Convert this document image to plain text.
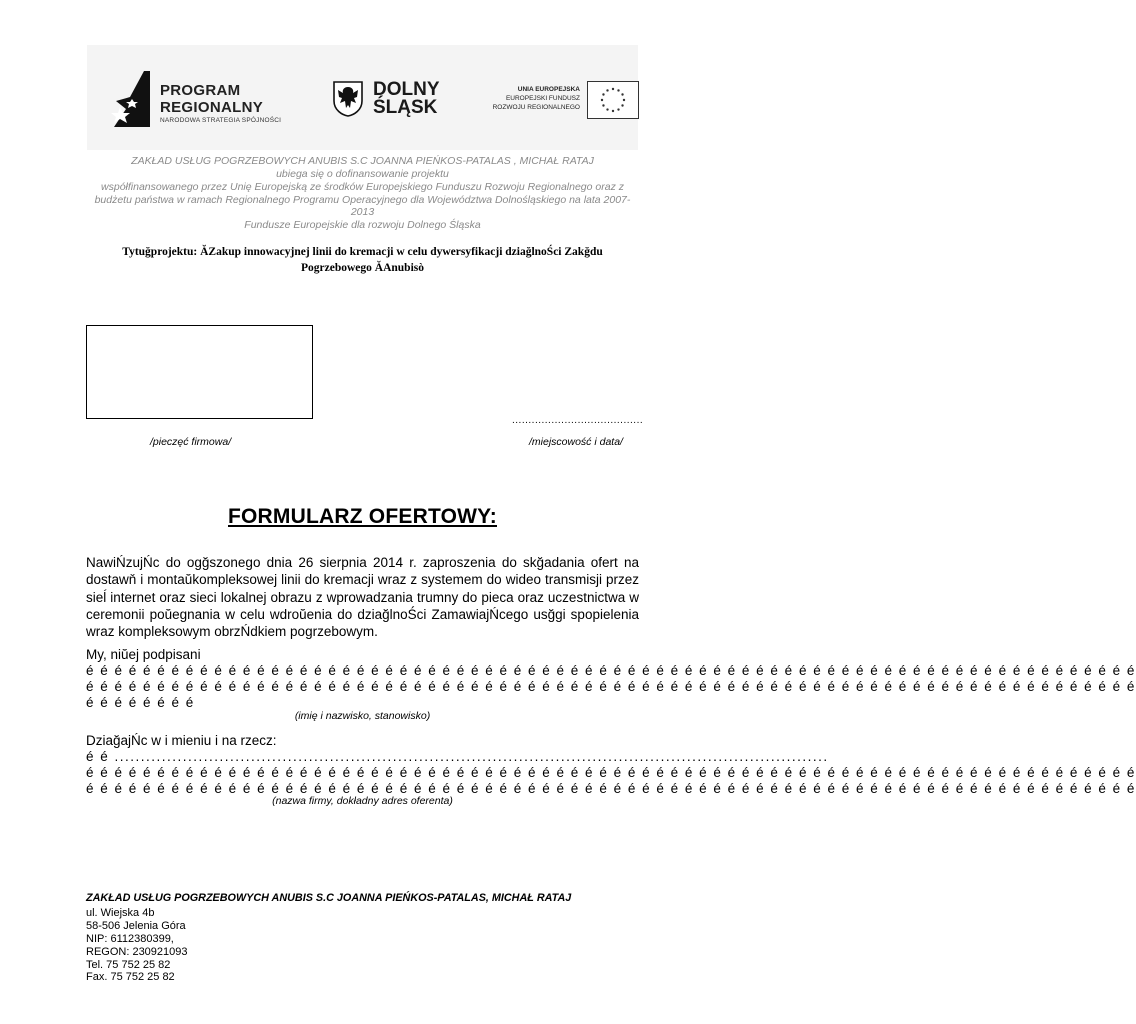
PROGRAM
REGIONALNY
NARODOWA STRATEGIA SPÓJNOŚCI
DOLNY
ŚLĄSK
UNIA EUROPEJSKA
EUROPEJSKI FUNDUSZ
ROZWOJU REGIONALNEGO
ZAKŁAD USŁUG POGRZEBOWYCH ANUBIS S.C JOANNA PIEŃKOS-PATALAS , MICHAŁ RATAJ
ubiega się o dofinansowanie projektu
współfinansowanego przez Unię Europejską ze środków Europejskiego Funduszu Rozwoju Regionalnego oraz z
budżetu państwa w ramach Regionalnego Programu Operacyjnego dla Województwa Dolnośląskiego na lata 2007-
2013
Fundusze Europejskie dla rozwoju Dolnego Śląska
Tytuğprojektu: ĂZakup innowacyjnej linii do kremacji w celu dywersyfikacji dziağlnoŚci Zakğdu
Pogrzebowego ĂAnubisò
........................................
/pieczęć firmowa/	/miejscowość i data/
FORMULARZ OFERTOWY:
NawiŃzujŃc do ogğszonego dnia 26 sierpnia 2014 r. zaproszenia do skğadania ofert na dostawň i montaŭkompleksowej linii do kremacji wraz z systemem do wideo transmisji przez sieĺ internet oraz sieci lokalnej obrazu z wprowadzania trumny do pieca oraz uczestnictwa w ceremonii poŭegnania w celu wdroŭenia do dziağlnoŚci ZamawiajŃcego usğgi spopielenia wraz kompleksowym obrzŃdkiem pogrzebowym.
My, niŭej podpisani
é é é é é é é é é é é é é é é é é é é é é é é é é é é é é é é é é é é é é é é é é é é é é é é é é é é é é é é é é é é é é é é é é é é é é é é é é é
é é é é é é é é é é é é é é é é é é é é é é é é é é é é é é é é é é é é é é é é é é é é é é é é é é é é é é é é é é é é é é é é é é é é é é é é é é
é é é é é é é é
(imię i nazwisko, stanowisko)
DziağajŃc w i mieniu i na rzecz:
é é ........................................................................................................................................
é é é é é é é é é é é é é é é é é é é é é é é é é é é é é é é é é é é é é é é é é é é é é é é é é é é é é é é é é é é é é é é é é é é é é é é é é é
é é é é é é é é é é é é é é é é é é é é é é é é é é é é é é é é é é é é é é é é é é é é é é é é é é é é é é é é é é é é é é é é é é é é é é é é é é
(nazwa firmy, dokładny adres oferenta)
ZAKŁAD USŁUG POGRZEBOWYCH ANUBIS S.C JOANNA PIEŃKOS-PATALAS, MICHAŁ RATAJ
ul. Wiejska 4b
58-506 Jelenia Góra
NIP: 6112380399,
REGON: 230921093
Tel. 75 752 25 82
Fax. 75 752 25 82
